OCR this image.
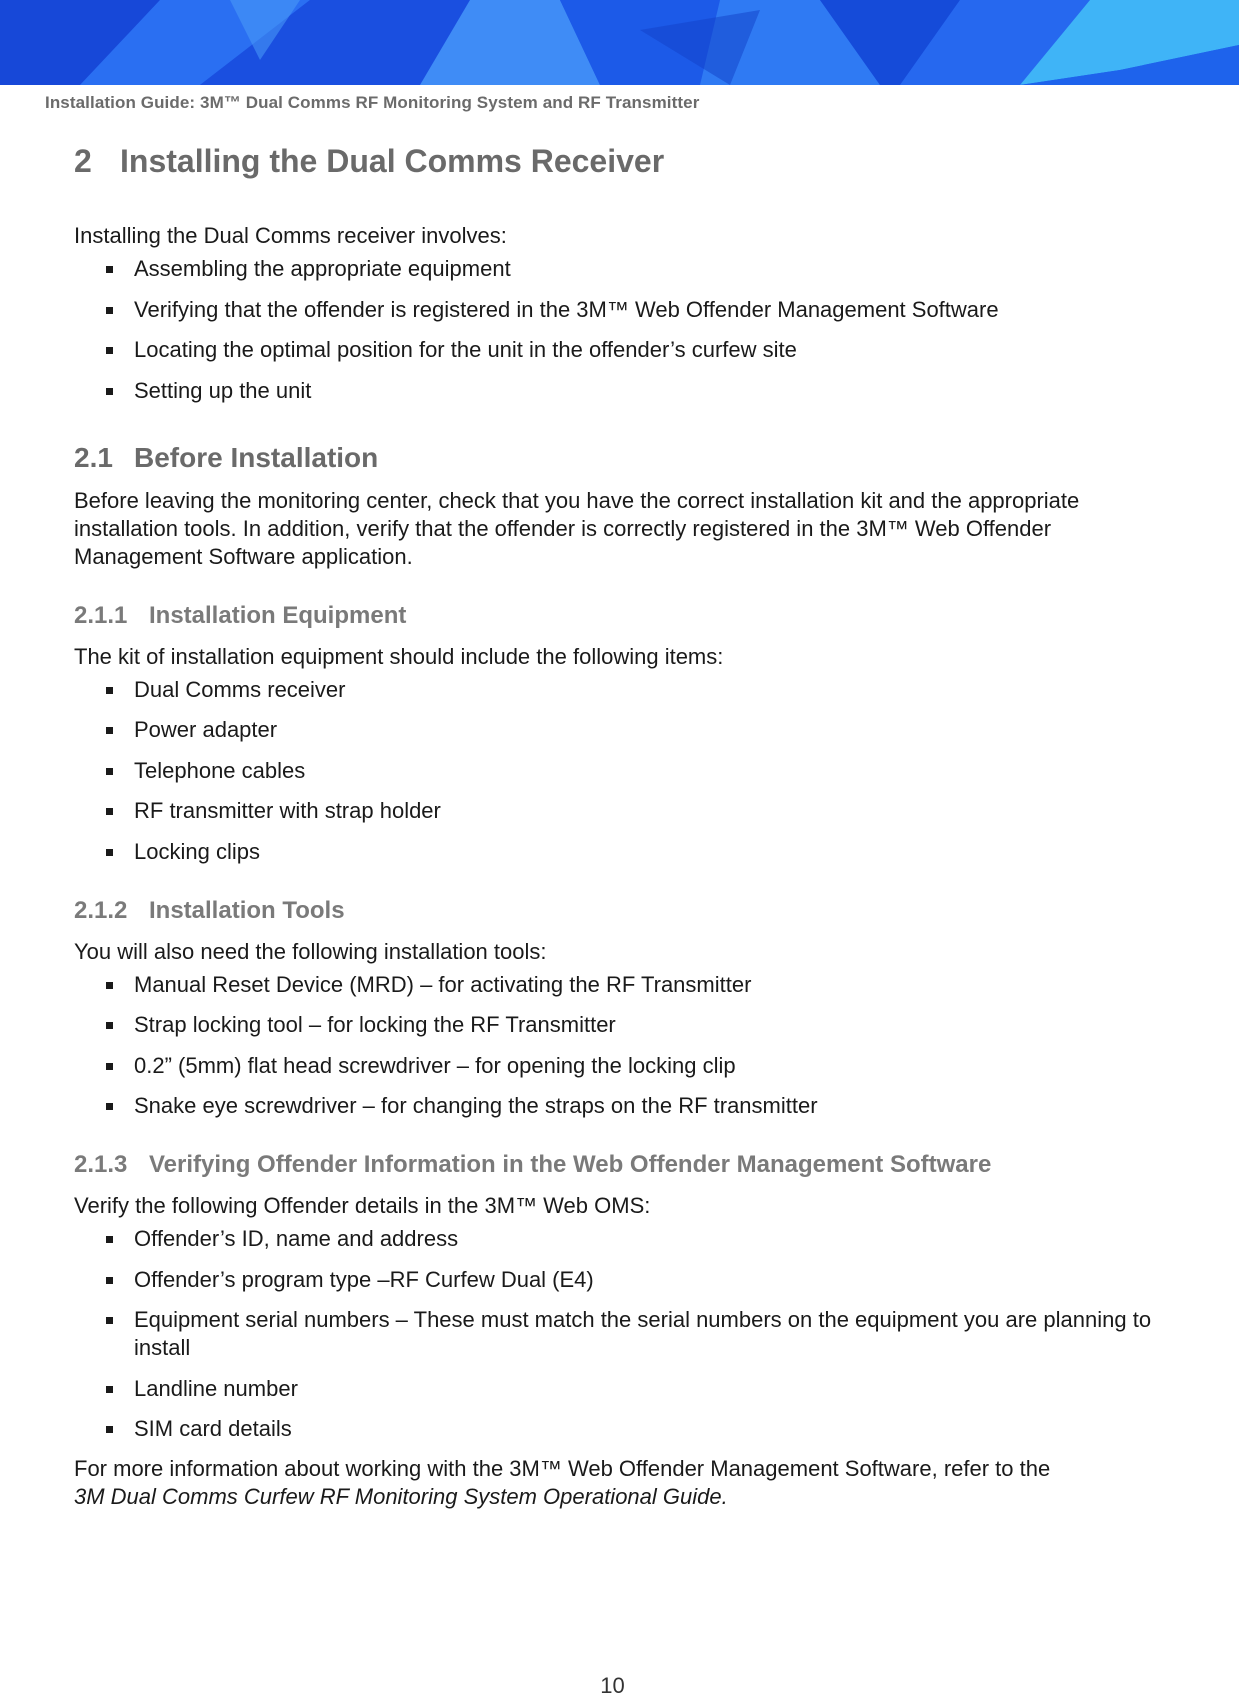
Installation Guide: 3M™ Dual Comms RF Monitoring System and RF Transmitter
2 Installing the Dual Comms Receiver

Installing the Dual Comms receiver involves:

Assembling the appropriate equipment
Verifying that the offender is registered in the 3M™ Web Offender Management Software
Locating the optimal position for the unit in the offender’s curfew site
Setting up the unit
2.1 Before Installation

Before leaving the monitoring center, check that you have the correct installation kit and the appropriate installation tools. In addition, verify that the offender is correctly registered in the 3M™ Web Offender Management Software application.

2.1.1 Installation Equipment

The kit of installation equipment should include the following items:

Dual Comms receiver
Power adapter
Telephone cables
RF transmitter with strap holder
Locking clips
2.1.2 Installation Tools

You will also need the following installation tools:

Manual Reset Device (MRD) – for activating the RF Transmitter
Strap locking tool – for locking the RF Transmitter
0.2” (5mm) flat head screwdriver – for opening the locking clip
Snake eye screwdriver – for changing the straps on the RF transmitter
2.1.3 Verifying Offender Information in the Web Offender Management Software

Verify the following Offender details in the 3M™ Web OMS:

Offender’s ID, name and address
Offender’s program type –RF Curfew Dual (E4)
Equipment serial numbers – These must match the serial numbers on the equipment you are planning to install
Landline number
SIM card details

For more information about working with the 3M™ Web Offender Management Software, refer to the
3M Dual Comms Curfew RF Monitoring System Operational Guide.

10
